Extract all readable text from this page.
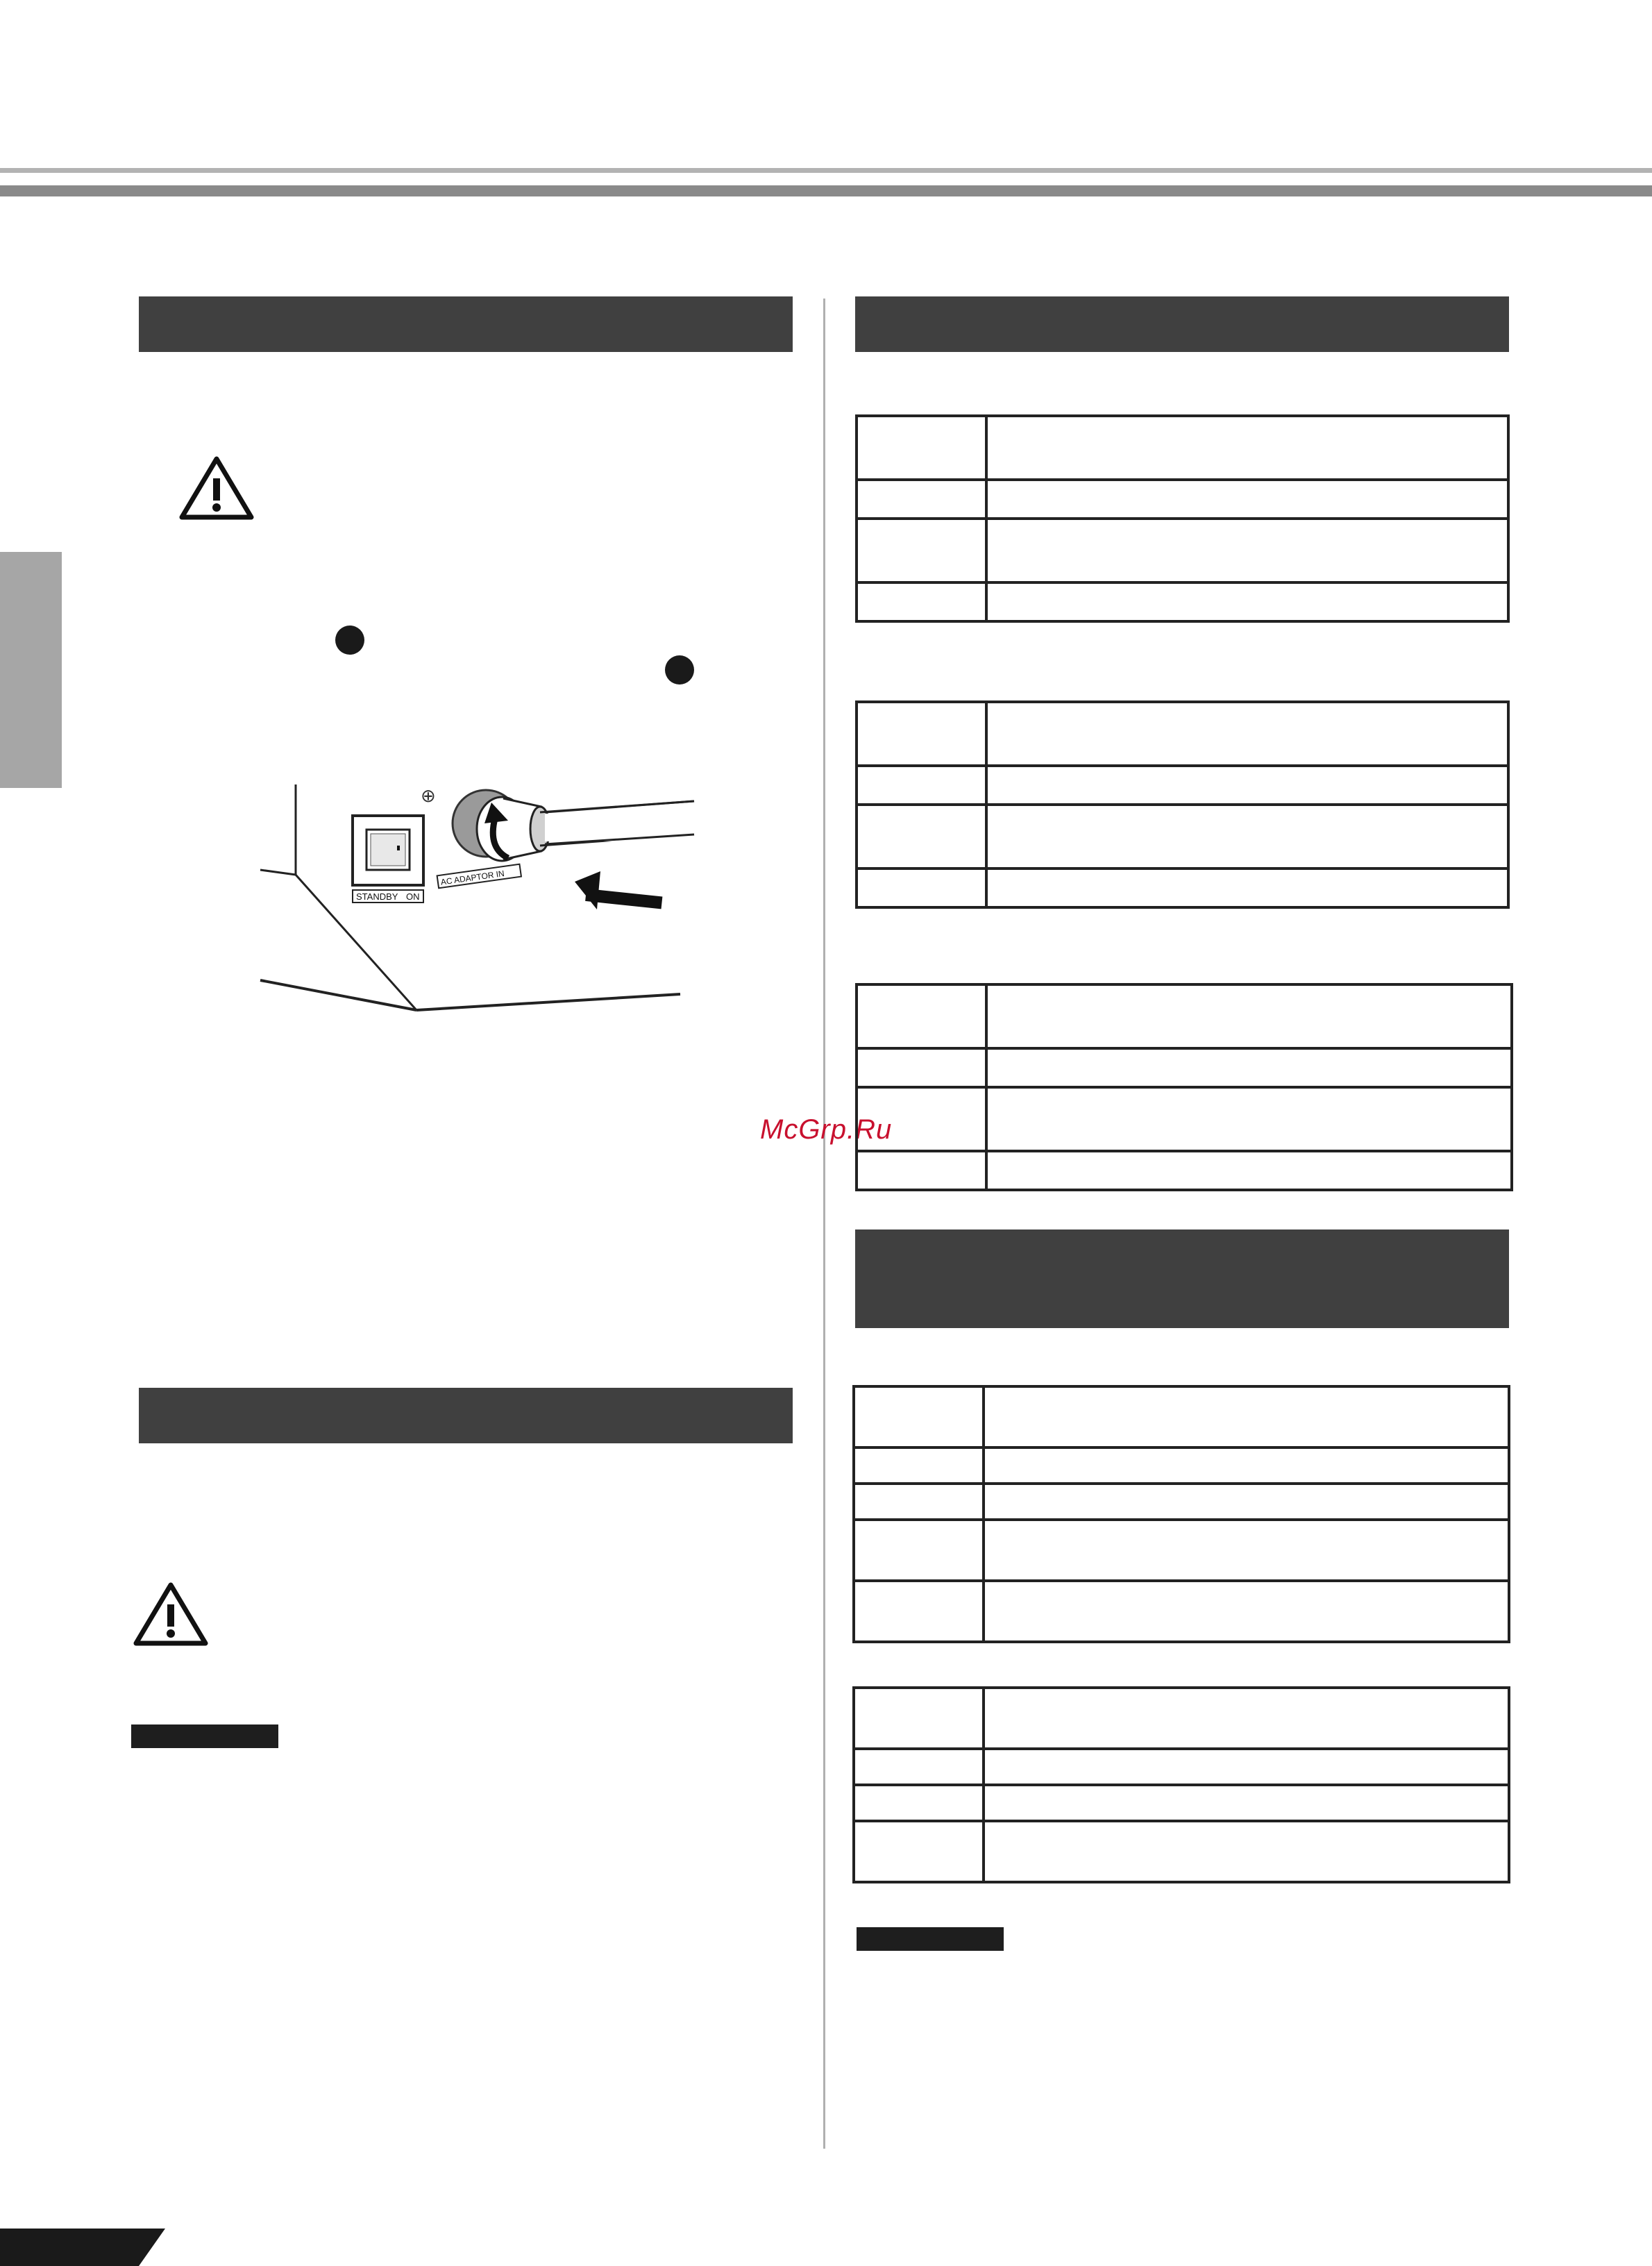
STANDBY ON
⊕
AC ADAPTOR IN
McGrp.Ru
